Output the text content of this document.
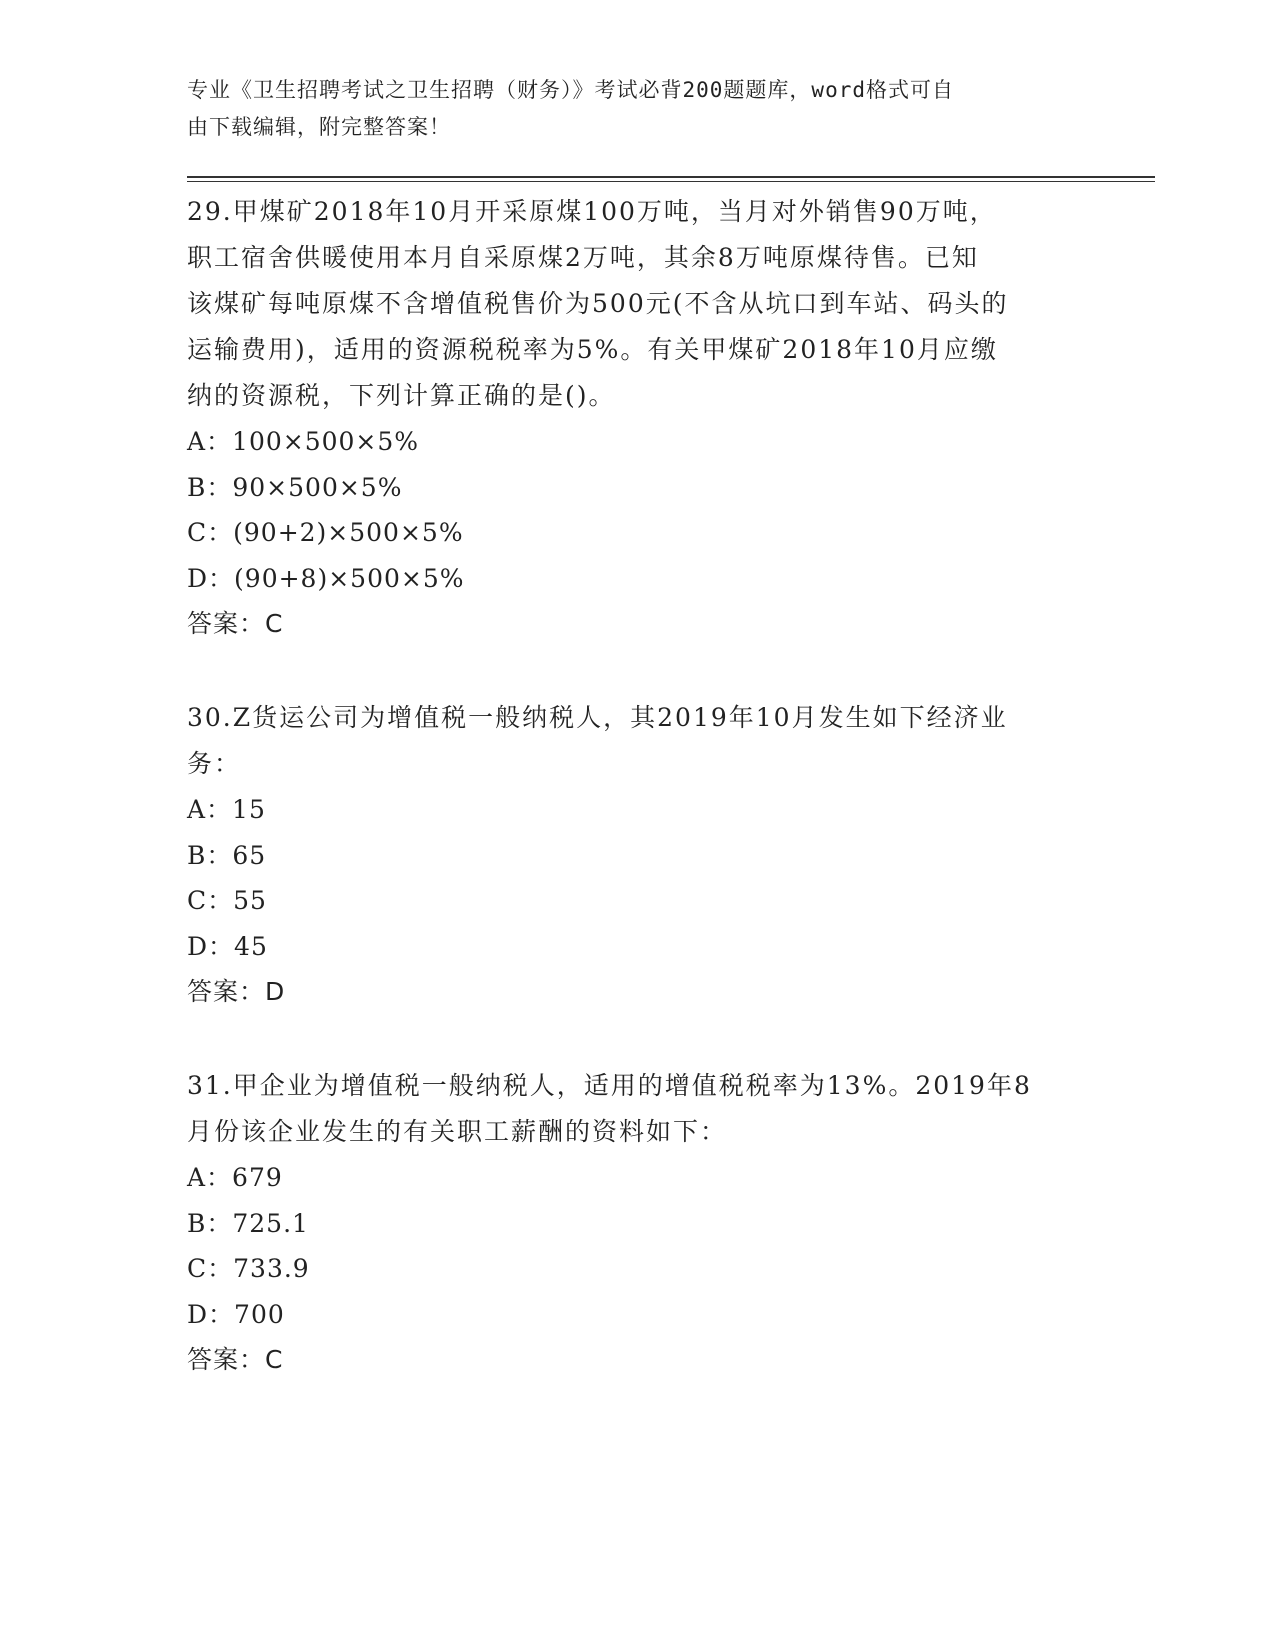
专业《卫生招聘考试之卫生招聘（财务）》考试必背200题题库，word格式可自
由下载编辑，附完整答案！

29.甲煤矿2018年10月开采原煤100万吨，当月对外销售90万吨，

职工宿舍供暖使用本月自采原煤2万吨，其余8万吨原煤待售。已知

该煤矿每吨原煤不含增值税售价为500元(不含从坑口到车站、码头的

运输费用)，适用的资源税税率为5%。有关甲煤矿2018年10月应缴

纳的资源税，下列计算正确的是()。

A：100×500×5%

B：90×500×5%

C：(90+2)×500×5%

D：(90+8)×500×5%

答案：C

30.Z货运公司为增值税一般纳税人，其2019年10月发生如下经济业

务：

A：15

B：65

C：55

D：45

答案：D

31.甲企业为增值税一般纳税人，适用的增值税税率为13%。2019年8

月份该企业发生的有关职工薪酬的资料如下：

A：679

B：725.1

C：733.9

D：700

答案：C
